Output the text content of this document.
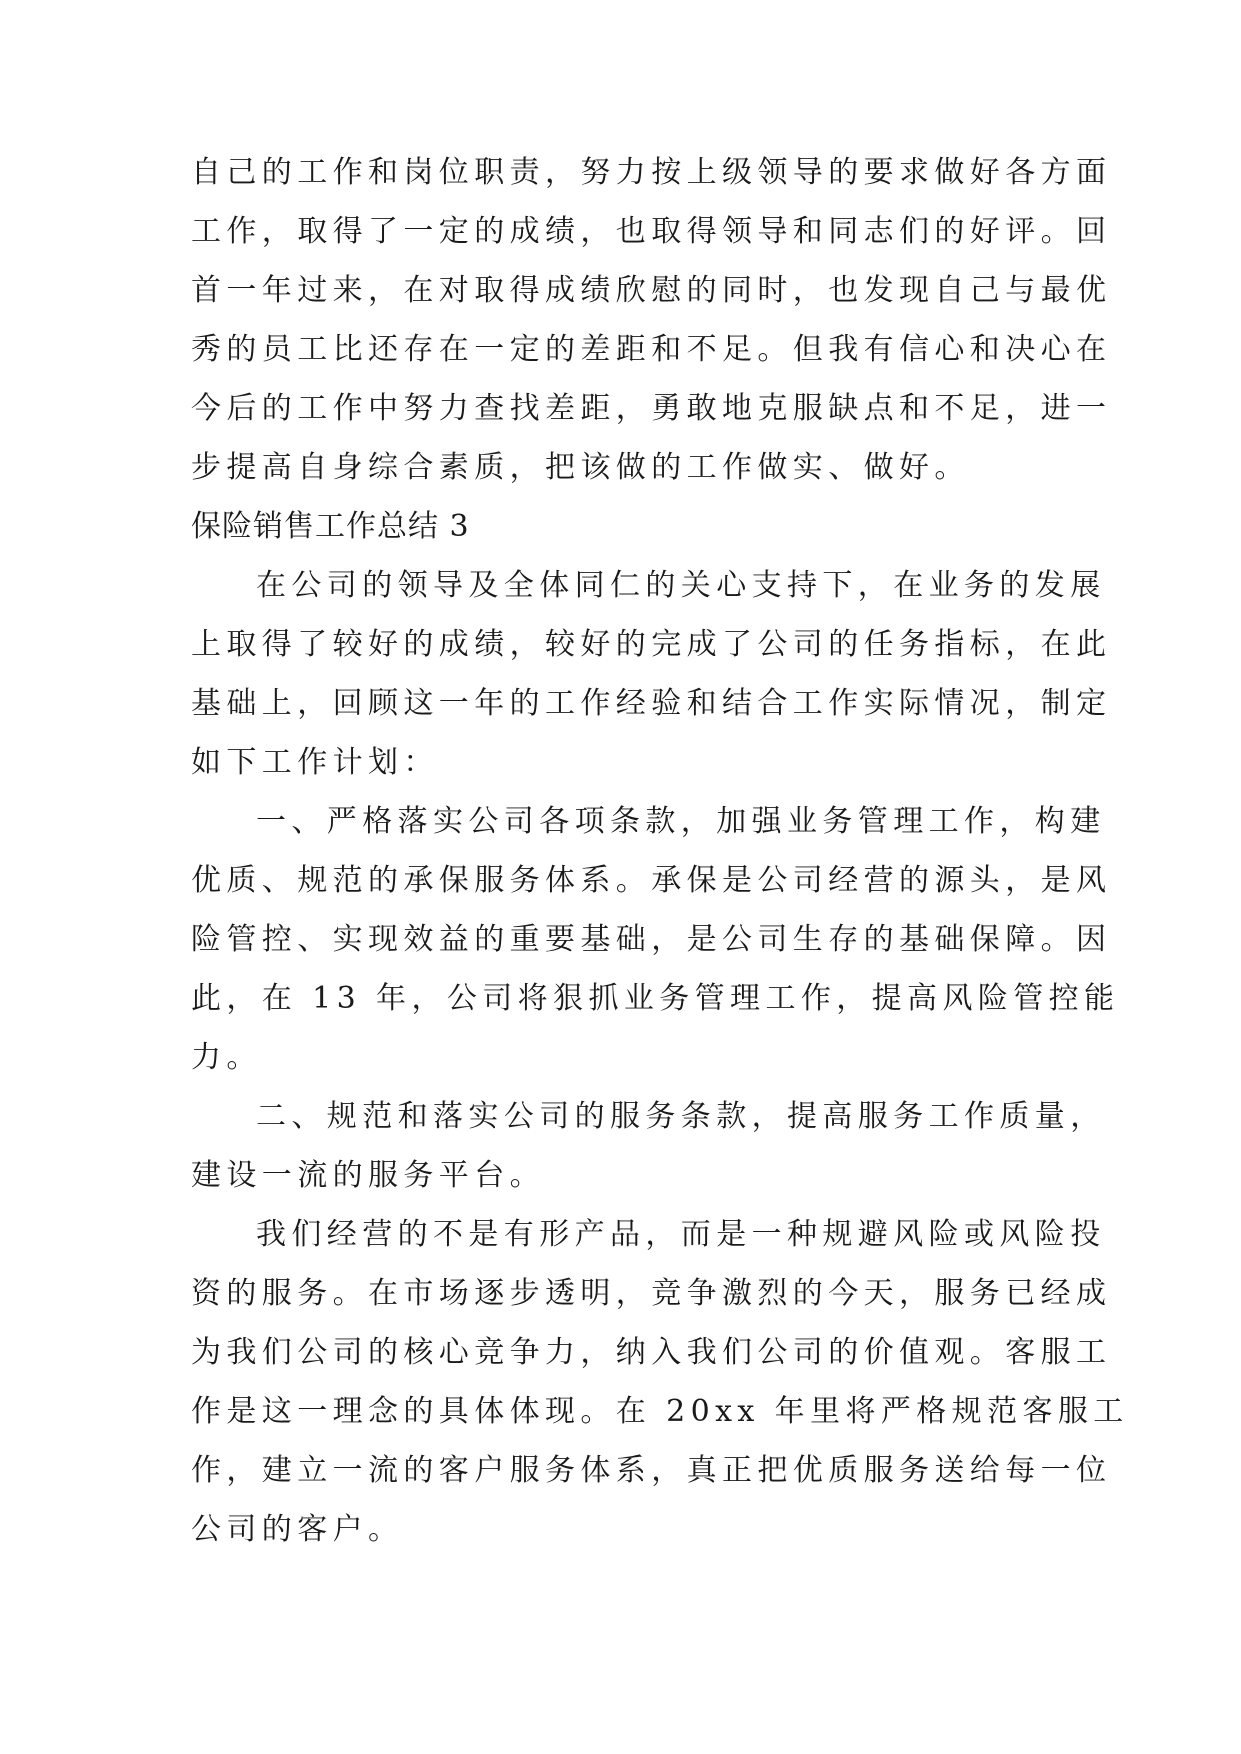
自己的工作和岗位职责，努力按上级领导的要求做好各方面
工作，取得了一定的成绩，也取得领导和同志们的好评。回
首一年过来，在对取得成绩欣慰的同时，也发现自己与最优
秀的员工比还存在一定的差距和不足。但我有信心和决心在
今后的工作中努力查找差距，勇敢地克服缺点和不足，进一
步提高自身综合素质，把该做的工作做实、做好。
保险销售工作总结 3
在公司的领导及全体同仁的关心支持下，在业务的发展
上取得了较好的成绩，较好的完成了公司的任务指标，在此
基础上，回顾这一年的工作经验和结合工作实际情况，制定
如下工作计划：
一、严格落实公司各项条款，加强业务管理工作，构建
优质、规范的承保服务体系。承保是公司经营的源头，是风
险管控、实现效益的重要基础，是公司生存的基础保障。因
此，在 13 年，公司将狠抓业务管理工作，提高风险管控能
力。
二、规范和落实公司的服务条款，提高服务工作质量，
建设一流的服务平台。
我们经营的不是有形产品，而是一种规避风险或风险投
资的服务。在市场逐步透明，竞争激烈的今天，服务已经成
为我们公司的核心竞争力，纳入我们公司的价值观。客服工
作是这一理念的具体体现。在 20xx 年里将严格规范客服工
作，建立一流的客户服务体系，真正把优质服务送给每一位
公司的客户。
